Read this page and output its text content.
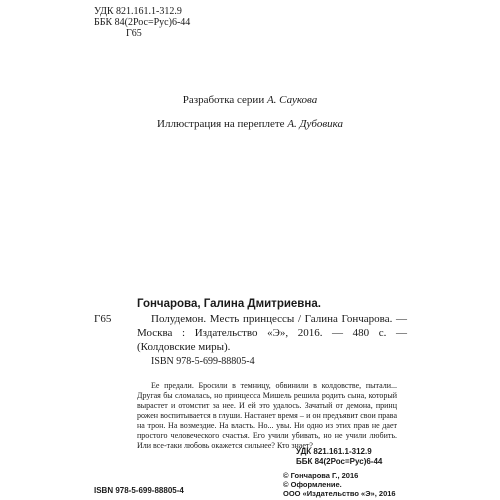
УДК 821.161.1-312.9
ББК 84(2Рос=Рус)6-44
Г65
Разработка серии А. Саукова
Иллюстрация на переплете А. Дубовика
Г65
Гончарова, Галина Дмитриевна.
Полудемон. Месть принцессы / Галина Гончарова. — Москва : Издательство «Э», 2016. — 480 с. — (Колдовские миры).
ISBN 978-5-699-88805-4
Ее предали. Бросили в темницу, обвинили в колдовстве, пытали... Другая бы сломалась, но принцесса Мишель решила родить сына, который вырастет и отомстит за нее. И ей это удалось. Зачатый от демона, принц рожен воспитывается в глуши. Настанет время – и он предъявит свои права на трон. На возмездие. На власть. Но... увы. Ни одно из этих прав не дает простого человеческого счастья. Его учили убивать, но не учили любить. Или все-таки любовь окажется сильнее? Кто знает?
УДК 821.161.1-312.9
ББК 84(2Рос=Рус)6-44
ISBN 978-5-699-88805-4
© Гончарова Г., 2016
© Оформление.
ООО «Издательство «Э», 2016
